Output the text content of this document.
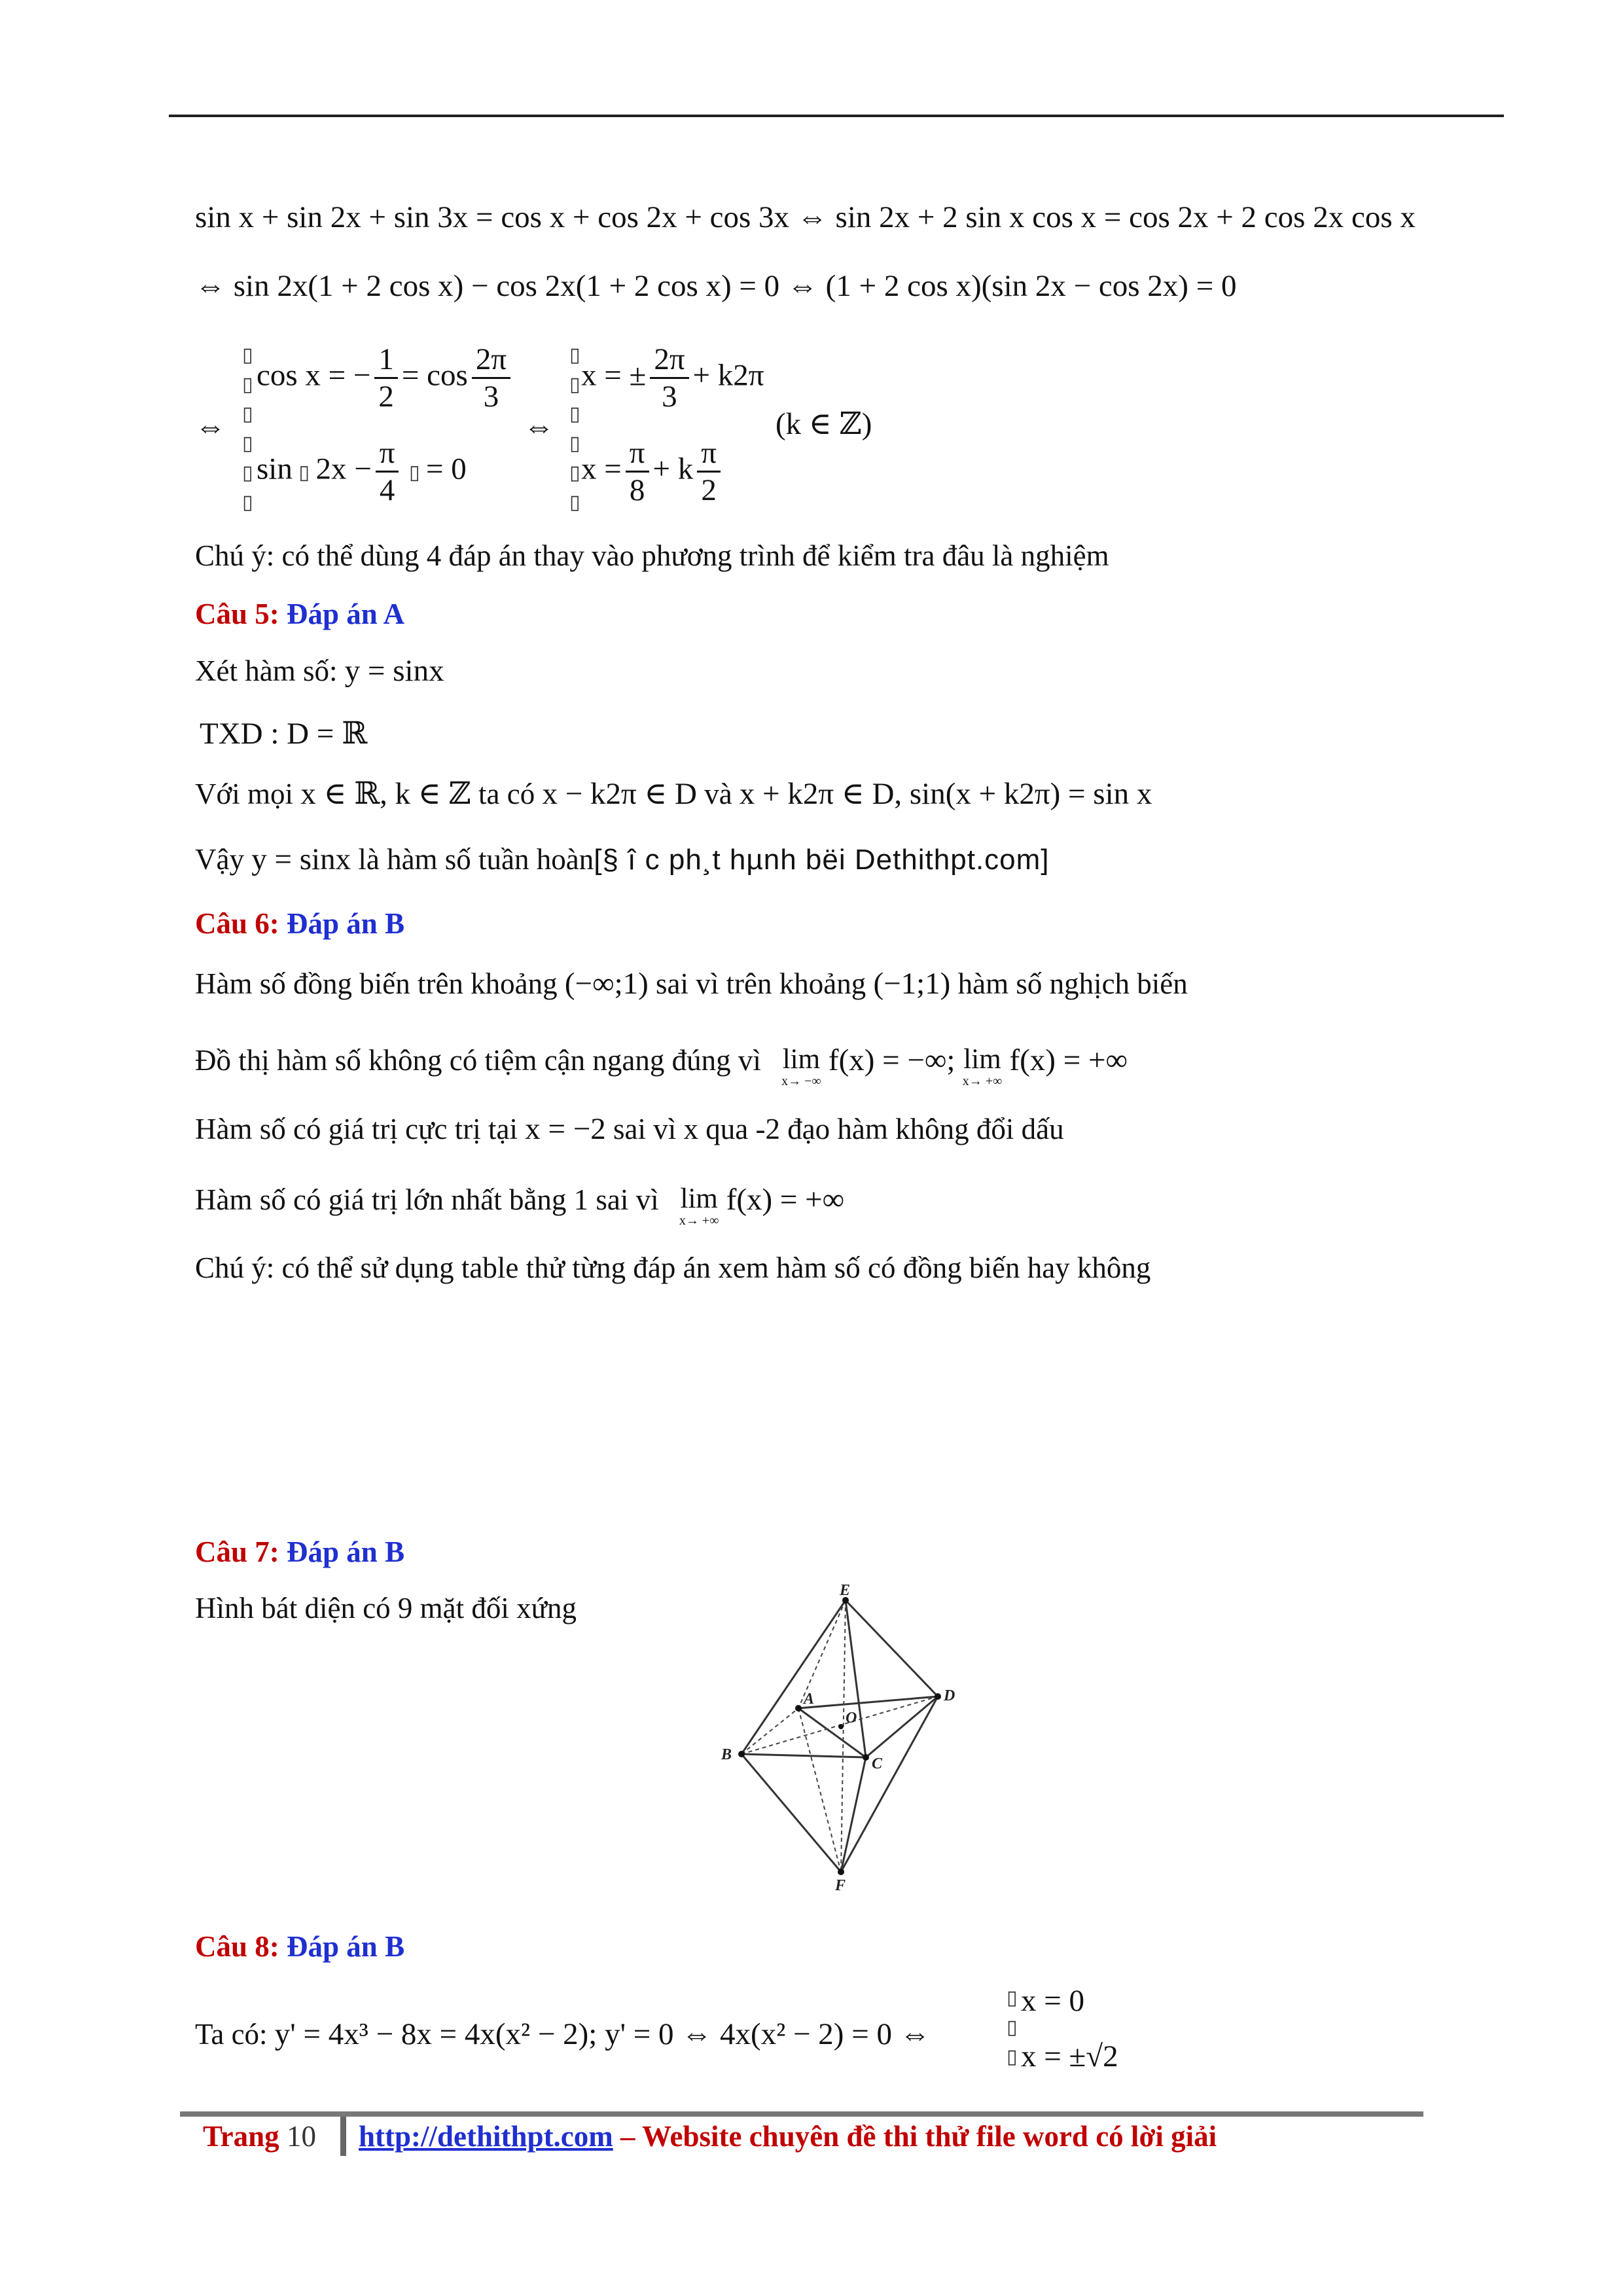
sin x + sin 2x + sin 3x = cos x + cos 2x + cos 3x ⇔ sin 2x + 2 sin x cos x = cos 2x + 2 cos 2x cos x
⇔ sin 2x(1 + 2 cos x) − cos 2x(1 + 2 cos x) = 0 ⇔ (1 + 2 cos x)(sin 2x − cos 2x) = 0
⇔
▯
▯
▯
▯
▯
▯
cos x = − $\frac{1}{2} = \cos \frac{2\pi}{3}$
sin ▯ $2x - \frac{\pi}{4}$ ▯ = 0
⇔
▯
▯
▯
▯
▯
▯
x = ± $\frac{2\pi}{3} + k2\pi$
$x = \frac{\pi}{8} + k \frac{\pi}{2}$
(k ∈ ℤ)
Chú ý: có thể dùng 4 đáp án thay vào phương trình để kiểm tra đâu là nghiệm
Câu 5: Đáp án A
Xét hàm số: y = sinx
TXD : D = ℝ
Với mọi x ∈ ℝ, k ∈ ℤ ta có x − k2π ∈ D và x + k2π ∈ D, sin(x + k2π) = sin x
Vậy y = sinx là hàm số tuần hoàn[§ î c ph¸t hµnh bëi Dethithpt.com]
Câu 6: Đáp án B
Hàm số đồng biến trên khoảng (−∞;1) sai vì trên khoảng (−1;1) hàm số nghịch biến
Đồ thị hàm số không có tiệm cận ngang đúng vì lim
x→ −∞
f(x) = −∞; lim
x→ +∞
f(x) = +∞
Hàm số có giá trị cực trị tại x = −2 sai vì x qua -2 đạo hàm không đổi dấu
Hàm số có giá trị lớn nhất bằng 1 sai vì lim
x→ +∞
f(x) = +∞
Chú ý: có thể sử dụng table thử từng đáp án xem hàm số có đồng biến hay không
Câu 7: Đáp án B
Hình bát diện có 9 mặt đối xứng
E
A	D
O
B
C
F
Câu 8: Đáp án B
Ta có: y' = 4x³ − 8x = 4x(x² − 2); y' = 0 ⇔ 4x(x² − 2) = 0 ⇔
▯
▯
▯
x = 0
x = ±√2
Trang 10 http://dethithpt.com – Website chuyên đề thi thử file word có lời giải
